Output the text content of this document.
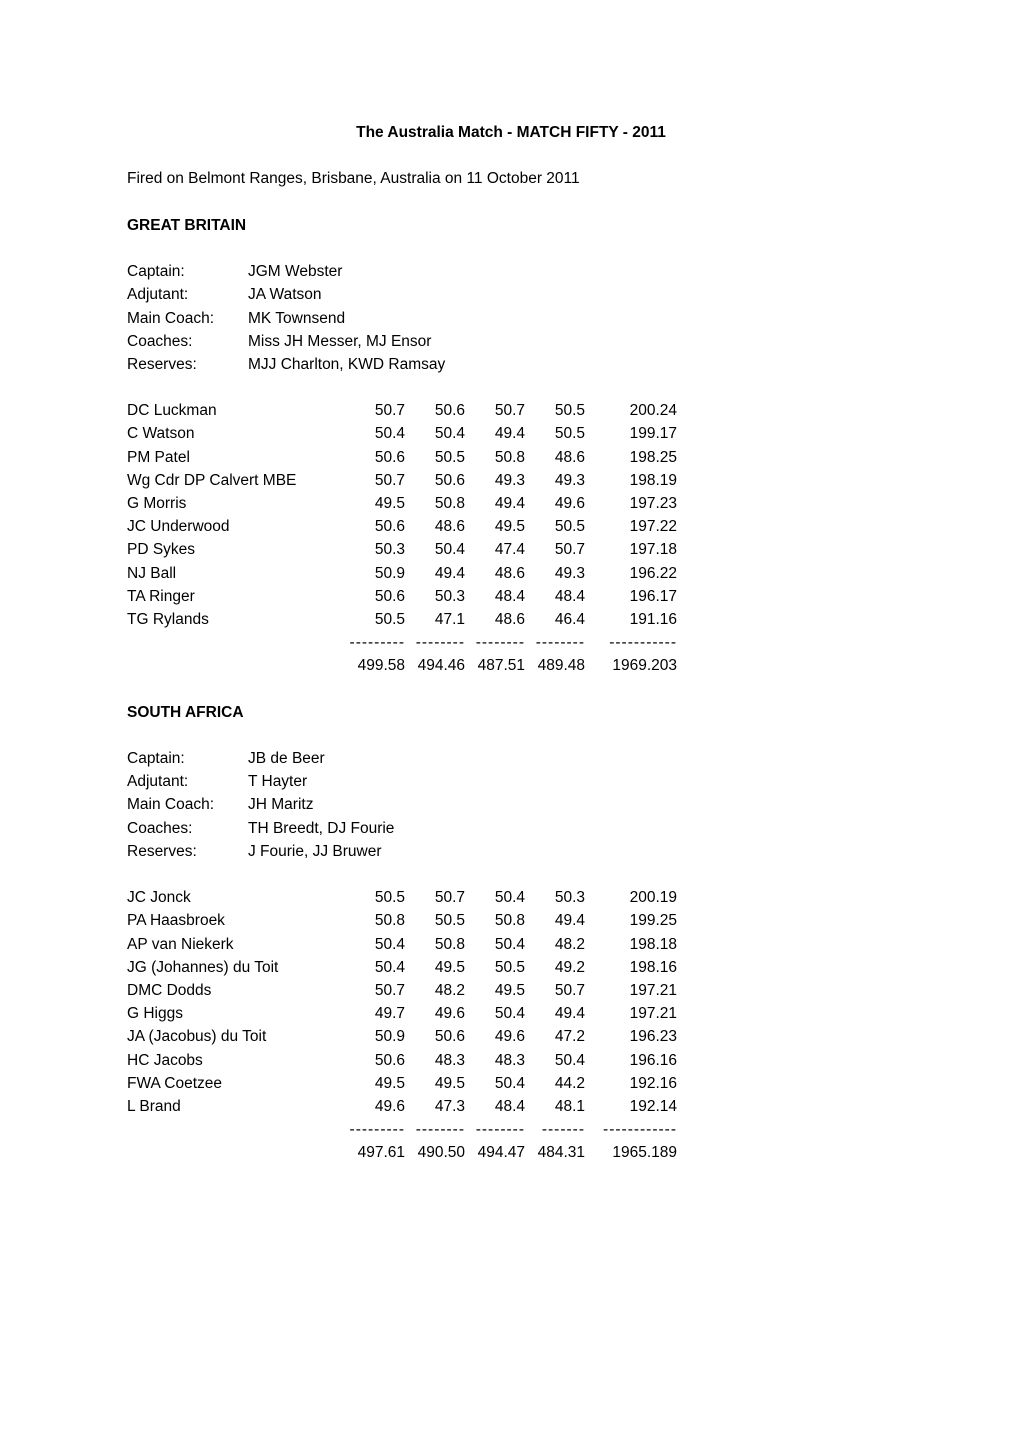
The Australia Match - MATCH FIFTY - 2011
Fired on Belmont Ranges, Brisbane, Australia on 11 October 2011
GREAT BRITAIN
Captain:	JGM Webster
Adjutant:	JA Watson
Main Coach: MK Townsend
Coaches:	Miss JH Messer, MJ Ensor
Reserves:	MJJ Charlton, KWD Ramsay
DC Luckman	50.7	50.6	50.7	50.5	200.24
C Watson	50.4	50.4	49.4	50.5	199.17
PM Patel	50.6	50.5	50.8	48.6	198.25
Wg Cdr DP Calvert MBE	50.7	50.6	49.3	49.3	198.19
G Morris	49.5	50.8	49.4	49.6	197.23
JC Underwood	50.6	48.6	49.5	50.5	197.22
PD Sykes	50.3	50.4	47.4	50.7	197.18
NJ Ball	50.9	49.4	48.6	49.3	196.22
TA Ringer	50.6	50.3	48.4	48.4	196.17
TG Rylands	50.5	47.1	48.6	46.4	191.16
--------- -------- -------- --------	-----------
499.58 494.46 487.51 489.48	1969.203
SOUTH AFRICA
Captain:	JB de Beer
Adjutant:	T Hayter
Main Coach: JH Maritz
Coaches:	TH Breedt, DJ Fourie
Reserves:	J Fourie, JJ Bruwer
JC Jonck	50.5	50.7	50.4	50.3	200.19
PA Haasbroek	50.8	50.5	50.8	49.4	199.25
AP van Niekerk	50.4	50.8	50.4	48.2	198.18
JG (Johannes) du Toit	50.4	49.5	50.5	49.2	198.16
DMC Dodds	50.7	48.2	49.5	50.7	197.21
G Higgs	49.7	49.6	50.4	49.4	197.21
JA (Jacobus) du Toit	50.9	50.6	49.6	47.2	196.23
HC Jacobs	50.6	48.3	48.3	50.4	196.16
FWA Coetzee	49.5	49.5	50.4	44.2	192.16
L Brand	49.6	47.3	48.4	48.1	192.14
--------- -------- --------	-------	------------
497.61 490.50 494.47 484.31	1965.189
